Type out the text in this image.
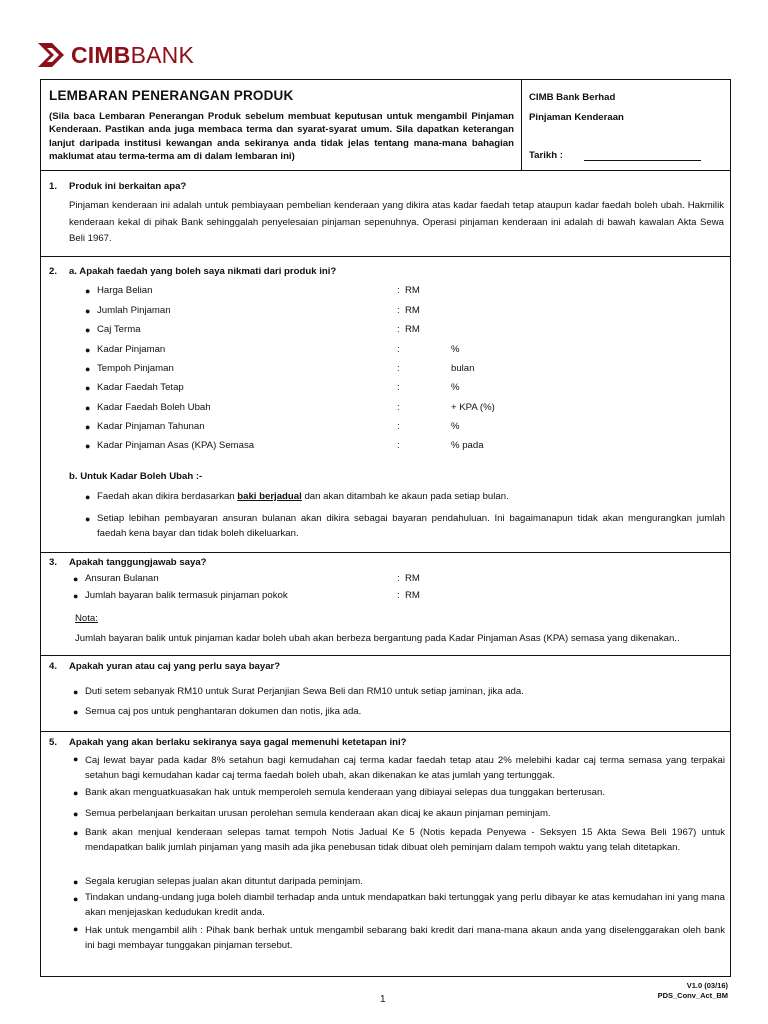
CIMBBANK
LEMBARAN PENERANGAN PRODUK
(Sila baca Lembaran Penerangan Produk sebelum membuat keputusan untuk mengambil Pinjaman Kenderaan. Pastikan anda juga membaca terma dan syarat-syarat umum. Sila dapatkan keterangan lanjut daripada institusi kewangan anda sekiranya anda tidak jelas tentang mana-mana bahagian maklumat atau terma-terma am di dalam lembaran ini)
CIMB Bank Berhad
Pinjaman Kenderaan
Tarikh :
1. Produk ini berkaitan apa?
Pinjaman kenderaan ini adalah untuk pembiayaan pembelian kenderaan yang dikira atas kadar faedah tetap ataupun kadar faedah boleh ubah. Hakmilik kenderaan kekal di pihak Bank sehinggalah penyelesaian pinjaman sepenuhnya. Operasi pinjaman kenderaan ini adalah di bawah kawalan Akta Sewa Beli 1967.
2. a. Apakah faedah yang boleh saya nikmati dari produk ini?
● Harga Belian	: RM
● Jumlah Pinjaman	: RM
● Caj Terma	: RM
● Kadar Pinjaman	:	%
● Tempoh Pinjaman	:	bulan
● Kadar Faedah Tetap	:	%
● Kadar Faedah Boleh Ubah	:	+ KPA (%)
● Kadar Pinjaman Tahunan	:	%
● Kadar Pinjaman Asas (KPA) Semasa	:	% pada
b. Untuk Kadar Boleh Ubah :-
● Faedah akan dikira berdasarkan baki berjadual dan akan ditambah ke akaun pada setiap bulan.
● Setiap lebihan pembayaran ansuran bulanan akan dikira sebagai bayaran pendahuluan. Ini bagaimanapun tidak akan mengurangkan jumlah faedah kena bayar dan tidak boleh dikeluarkan.
3. Apakah tanggungjawab saya?
● Ansuran Bulanan	: RM
● Jumlah bayaran balik termasuk pinjaman pokok	: RM
Nota:
Jumlah bayaran balik untuk pinjaman kadar boleh ubah akan berbeza bergantung pada Kadar Pinjaman Asas (KPA) semasa yang dikenakan..
4. Apakah yuran atau caj yang perlu saya bayar?
● Duti setem sebanyak RM10 untuk Surat Perjanjian Sewa Beli dan RM10 untuk setiap jaminan, jika ada.
● Semua caj pos untuk penghantaran dokumen dan notis, jika ada.
5. Apakah yang akan berlaku sekiranya saya gagal memenuhi ketetapan ini?
● Caj lewat bayar pada kadar 8% setahun bagi kemudahan caj terma kadar faedah tetap atau 2% melebihi kadar caj terma semasa yang terpakai setahun bagi kemudahan kadar caj terma faedah boleh ubah, akan dikenakan ke atas jumlah yang tertunggak.
● Bank akan menguatkuasakan hak untuk memperoleh semula kenderaan yang dibiayai selepas dua tunggakan berterusan.
● Semua perbelanjaan berkaitan urusan perolehan semula kenderaan akan dicaj ke akaun pinjaman peminjam.
● Bank akan menjual kenderaan selepas tamat tempoh Notis Jadual Ke 5 (Notis kepada Penyewa - Seksyen 15 Akta Sewa Beli 1967) untuk mendapatkan balik jumlah pinjaman yang masih ada jika penebusan tidak dibuat oleh peminjam dalam tempoh waktu yang telah ditetapkan.
● Segala kerugian selepas jualan akan dituntut daripada peminjam.
● Tindakan undang-undang juga boleh diambil terhadap anda untuk mendapatkan baki tertunggak yang perlu dibayar ke atas kemudahan ini yang mana akan menjejaskan kedudukan kredit anda.
● Hak untuk mengambil alih : Pihak bank berhak untuk mengambil sebarang baki kredit dari mana-mana akaun anda yang diselenggarakan oleh bank ini bagi membayar tunggakan pinjaman tersebut.
V1.0 (03/16)
PDS_Conv_Act_BM
1
